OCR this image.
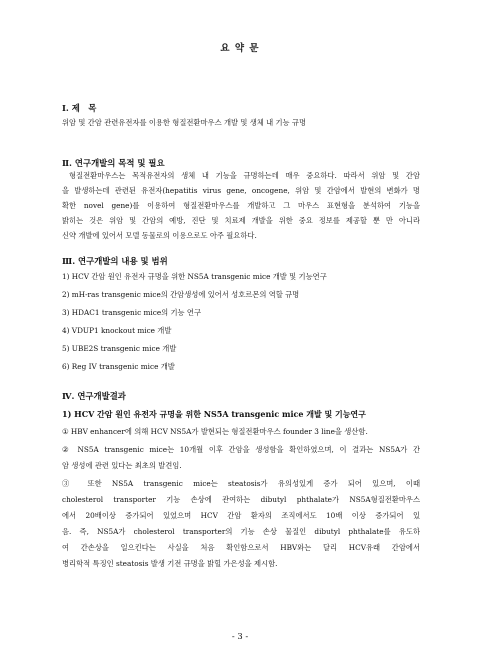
요 약 문
Ⅰ. 제　목
위암 및 간암 관련유전자를 이용한 형질전환마우스 개발 및 생체 내 기능 규명
Ⅱ. 연구개발의 목적 및 필요
형질전환마우스는 목적유전자의 생체 내 기능을 규명하는데 매우 중요하다. 따라서 위암 및 간암
을 발생하는데 관련된 유전자(hepatitis virus gene, oncogene, 위암 및 간암에서 발현의 변화가 명
확한 novel gene)를 이용하여 형질전환마우스를 개발하고 그 마우스 표현형을 분석하여 기능을
밝히는 것은 위암 및 간암의 예방, 진단 및 치료제 개발을 위한 중요 정보를 제공할 뿐 만 아니라
신약 개발에 있어서 모델 동물로의 이용으로도 아주 필요하다.
Ⅲ. 연구개발의 내용 및 범위
1) HCV 간암 원인 유전자 규명을 위한 NS5A transgenic mice 개발 및 기능연구
2) mH-ras transgenic mice의 간암생성에 있어서 성호르몬의 역할 규명
3) HDAC1 transgenic mice의 기능 연구
4) VDUP1 knockout mice 개발
5) UBE2S transgenic mice 개발
6) Reg IV transgenic mice 개발
Ⅳ. 연구개발결과
1) HCV 간암 원인 유전자 규명을 위한 NS5A transgenic mice 개발 및 기능연구
① HBV enhancer에 의해 HCV NS5A가 발현되는 형질전환마우스 founder 3 line을 생산함.
② NS5A transgenic mice는 10개월 이후 간암을 생성함을 확인하였으며, 이 결과는 NS5A가 간
암 생성에 관련 있다는 최초의 발견임.
③ 또한 NS5A transgenic mice는 steatosis가 유의성있게 증가 되어 있으며, 이때
cholesterol transporter 기능 손상에 관여하는 dibutyl phthalate가 NS5A형질전환마우스
에서 20배이상 증가되어 있었으며 HCV 간암 환자의 조직에서도 10배 이상 증가되어 있
음. 즉, NS5A가 cholesterol transporter의 기능 손상 물질인 dibutyl phthalate를 유도하
여 간손상을 일으킨다는 사실을 처음 확인함으로서 HBV와는 달리 HCV유래 간암에서
병리학적 특징인 steatosis 발생 기전 규명을 밝힐 가은성을 제시함.
- 3 -
